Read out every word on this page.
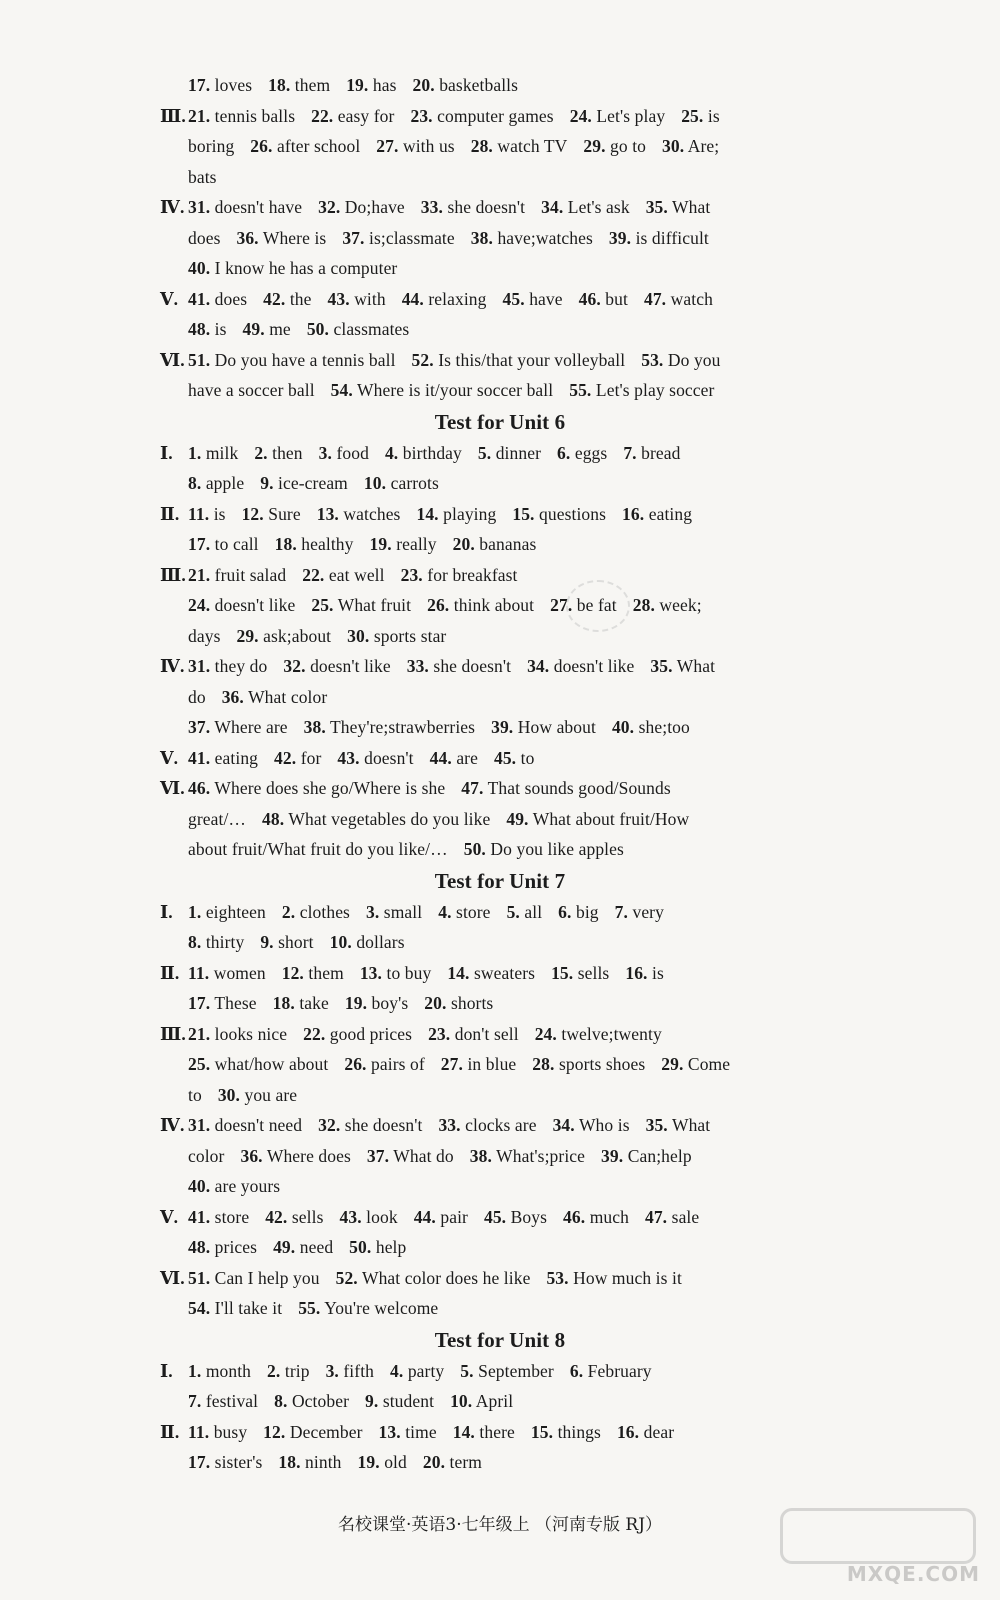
17. loves 18. them 19. has 20. basketballs
Ⅲ. 21. tennis balls 22. easy for 23. computer games 24. Let's play 25. is
boring 26. after school 27. with us 28. watch TV 29. go to 30. Are;
bats
Ⅳ. 31. doesn't have 32. Do;have 33. she doesn't 34. Let's ask 35. What
does 36. Where is 37. is;classmate 38. have;watches 39. is difficult
40. I know he has a computer
Ⅴ. 41. does 42. the 43. with 44. relaxing 45. have 46. but 47. watch
48. is 49. me 50. classmates
Ⅵ. 51. Do you have a tennis ball 52. Is this/that your volleyball 53. Do you
have a soccer ball 54. Where is it/your soccer ball 55. Let's play soccer
Test for Unit 6
Ⅰ. 1. milk 2. then 3. food 4. birthday 5. dinner 6. eggs 7. bread
8. apple 9. ice-cream 10. carrots
Ⅱ. 11. is 12. Sure 13. watches 14. playing 15. questions 16. eating
17. to call 18. healthy 19. really 20. bananas
Ⅲ. 21. fruit salad 22. eat well 23. for breakfast
24. doesn't like 25. What fruit 26. think about 27. be fat 28. week;
days 29. ask;about 30. sports star
Ⅳ. 31. they do 32. doesn't like 33. she doesn't 34. doesn't like 35. What
do 36. What color
37. Where are 38. They're;strawberries 39. How about 40. she;too
Ⅴ. 41. eating 42. for 43. doesn't 44. are 45. to
Ⅵ. 46. Where does she go/Where is she 47. That sounds good/Sounds
great/… 48. What vegetables do you like 49. What about fruit/How
about fruit/What fruit do you like/… 50. Do you like apples
Test for Unit 7
Ⅰ. 1. eighteen 2. clothes 3. small 4. store 5. all 6. big 7. very
8. thirty 9. short 10. dollars
Ⅱ. 11. women 12. them 13. to buy 14. sweaters 15. sells 16. is
17. These 18. take 19. boy's 20. shorts
Ⅲ. 21. looks nice 22. good prices 23. don't sell 24. twelve;twenty
25. what/how about 26. pairs of 27. in blue 28. sports shoes 29. Come
to 30. you are
Ⅳ. 31. doesn't need 32. she doesn't 33. clocks are 34. Who is 35. What
color 36. Where does 37. What do 38. What's;price 39. Can;help
40. are yours
Ⅴ. 41. store 42. sells 43. look 44. pair 45. Boys 46. much 47. sale
48. prices 49. need 50. help
Ⅵ. 51. Can I help you 52. What color does he like 53. How much is it
54. I'll take it 55. You're welcome
Test for Unit 8
Ⅰ. 1. month 2. trip 3. fifth 4. party 5. September 6. February
7. festival 8. October 9. student 10. April
Ⅱ. 11. busy 12. December 13. time 14. there 15. things 16. dear
17. sister's 18. ninth 19. old 20. term
名校课堂·英语3·七年级上 （河南专版 RJ）
MXQE.COM
